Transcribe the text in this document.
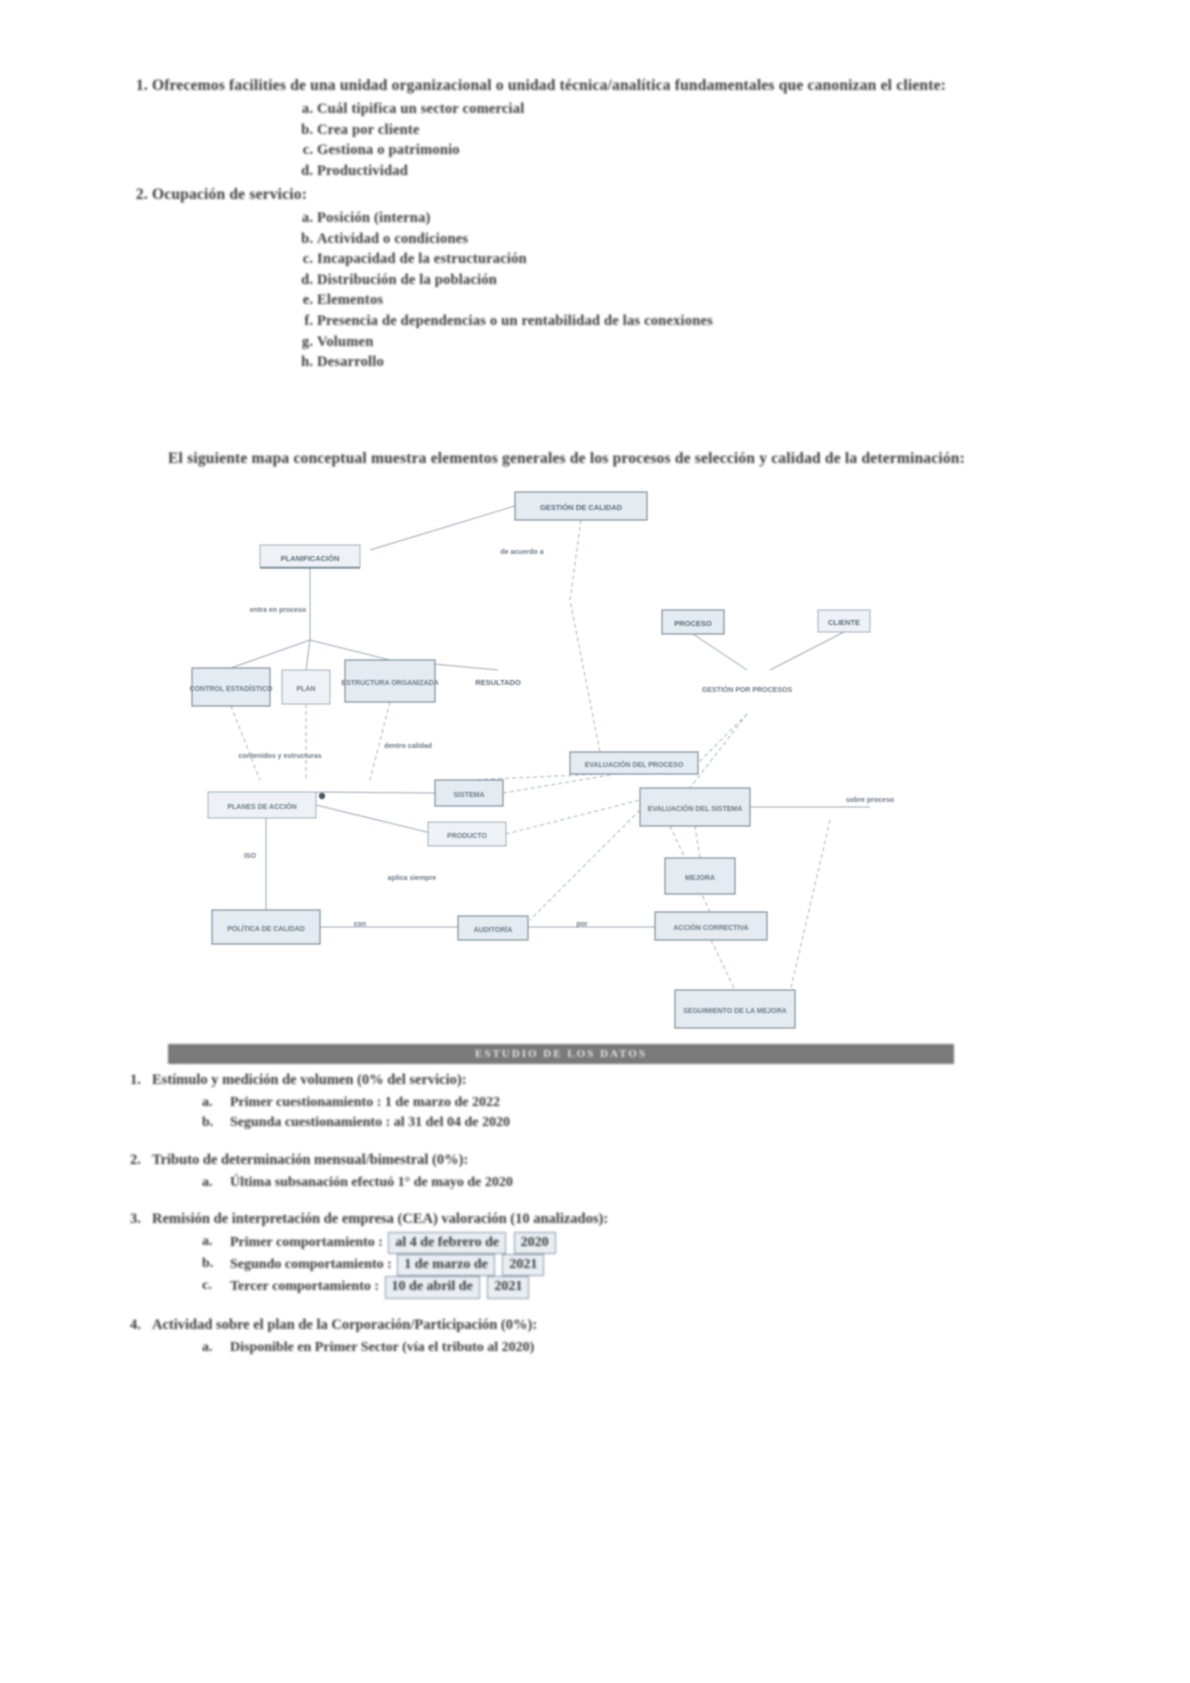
1. Ofrecemos facilities de una unidad organizacional o unidad técnica/analítica fundamentales que canonizan el cliente:
a. Cuál tipifica un sector comercial
b. Crea por cliente
c. Gestiona o patrimonio
d. Productividad
2. Ocupación de servicio:
a. Posición (interna)
b. Actividad o condiciones
c. Incapacidad de la estructuración
d. Distribución de la población
e. Elementos
f. Presencia de dependencias o un rentabilidad de las conexiones
g. Volumen
h. Desarrollo
El siguiente mapa conceptual muestra elementos generales de los procesos de selección y calidad de la determinación:
GESTIÓN DE CALIDAD
PLANIFICACIÓN
CONTROL ESTADÍSTICO	PLAN
ESTRUCTURA ORGANIZADA	RESULTADO
PROCESO	CLIENTE
GESTIÓN POR PROCESOS
EVALUACIÓN DEL PROCESO
PLANES DE ACCIÓN
SISTEMA
PRODUCTO
EVALUACIÓN DEL SISTEMA
MEJORA
POLÍTICA DE CALIDAD	AUDITORÍA	ACCIÓN CORRECTIVA
SEGUIMIENTO DE LA MEJORA
de acuerdo a
entra en proceso
contenidos y estructuras
dentro calidad
aplica siempre
sobre proceso
ISO
con	por
ESTUDIO DE LOS DATOS
1. Estímulo y medición de volumen (0% del servicio):
a. Primer cuestionamiento : 1 de marzo de 2022
b. Segunda cuestionamiento : al 31 del 04 de 2020
2. Tributo de determinación mensual/bimestral (0%):
a. Última subsanación efectuó 1° de mayo de 2020
3. Remisión de interpretación de empresa (CEA) valoración (10 analizados):
a. Primer comportamiento : al 4 de febrero de 2020
b. Segundo comportamiento : 1 de marzo de 2021
c. Tercer comportamiento : 10 de abril de 2021
4. Actividad sobre el plan de la Corporación/Participación (0%):
a. Disponible en Primer Sector (vía el tributo al 2020)
